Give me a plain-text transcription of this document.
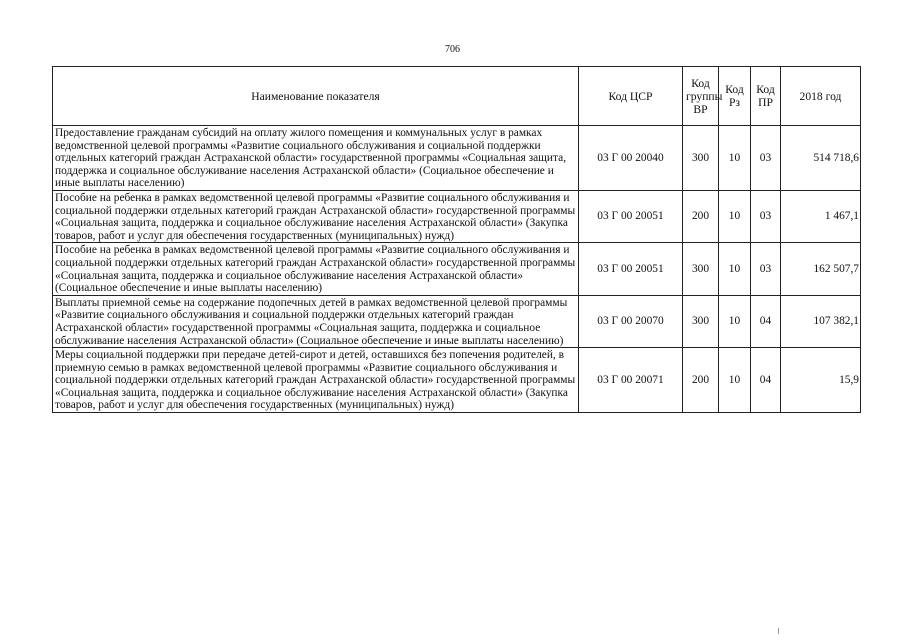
706
Наименование показателя	Код ЦСР	Код группы ВР	Код Рз	Код ПР	2018 год
Предоставление гражданам субсидий на оплату жилого помещения и коммунальных услуг в рамках ведомственной целевой программы «Развитие социального обслуживания и социальной поддержки отдельных категорий граждан Астраханской области» государственной программы «Социальная защита, поддержка и социальное обслуживание населения Астраханской области» (Социальное обеспечение и иные выплаты населению)	03 Г 00 20040	300	10	03	514 718,6
Пособие на ребенка в рамках ведомственной целевой программы «Развитие социального обслуживания и социальной поддержки отдельных категорий граждан Астраханской области» государственной программы «Социальная защита, поддержка и социальное обслуживание населения Астраханской области» (Закупка товаров, работ и услуг для обеспечения государственных (муниципальных) нужд)	03 Г 00 20051	200	10	03	1 467,1
Пособие на ребенка в рамках ведомственной целевой программы «Развитие социального обслуживания и социальной поддержки отдельных категорий граждан Астраханской области» государственной программы «Социальная защита, поддержка и социальное обслуживание населения Астраханской области» (Социальное обеспечение и иные выплаты населению)	03 Г 00 20051	300	10	03	162 507,7
Выплаты приемной семье на содержание подопечных детей в рамках ведомственной целевой программы «Развитие социального обслуживания и социальной поддержки отдельных категорий граждан Астраханской области» государственной программы «Социальная защита, поддержка и социальное обслуживание населения Астраханской области» (Социальное обеспечение и иные выплаты населению)	03 Г 00 20070	300	10	04	107 382,1
Меры социальной поддержки при передаче детей-сирот и детей, оставшихся без попечения родителей, в приемную семью в рамках ведомственной целевой программы «Развитие социального обслуживания и социальной поддержки отдельных категорий граждан Астраханской области» государственной программы «Социальная защита, поддержка и социальное обслуживание населения Астраханской области» (Закупка товаров, работ и услуг для обеспечения государственных (муниципальных) нужд)	03 Г 00 20071	200	10	04	15,9
